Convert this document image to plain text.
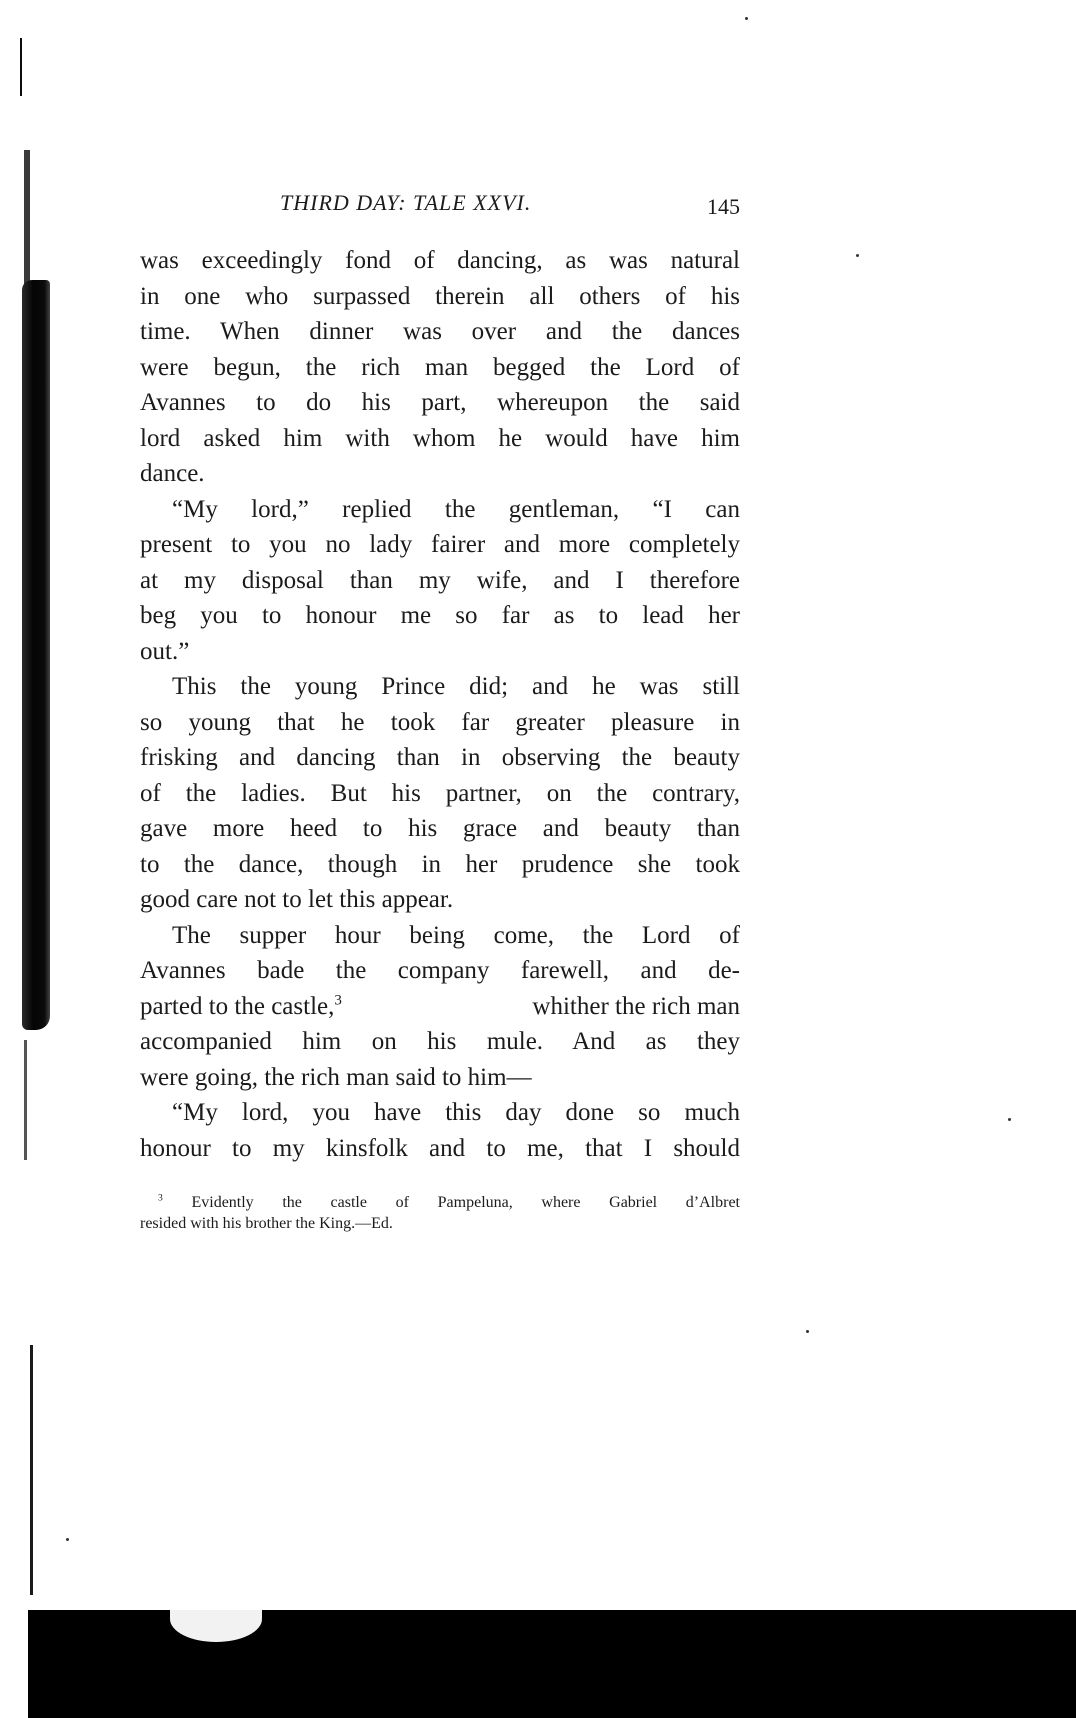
THIRD DAY: TALE XXVI.	145
was exceedingly fond of dancing, as was natural
in one who surpassed therein all others of his
time. When dinner was over and the dances
were begun, the rich man begged the Lord of
Avannes to do his part, whereupon the said
lord asked him with whom he would have him
dance.
“My lord,” replied the gentleman, “I can
present to you no lady fairer and more completely
at my disposal than my wife, and I therefore
beg you to honour me so far as to lead her
out.”
This the young Prince did; and he was still
so young that he took far greater pleasure in
frisking and dancing than in observing the beauty
of the ladies. But his partner, on the contrary,
gave more heed to his grace and beauty than
to the dance, though in her prudence she took
good care not to let this appear.
The supper hour being come, the Lord of
Avannes bade the company farewell, and de-
parted to the castle,$^3$	whither the rich man
accompanied him on his mule. And as they
were going, the rich man said to him—
“My lord, you have this day done so much
honour to my kinsfolk and to me, that I should
$^3$ Evidently the castle of Pampeluna, where Gabriel d’Albret
resided with his brother the King.—Ed.
